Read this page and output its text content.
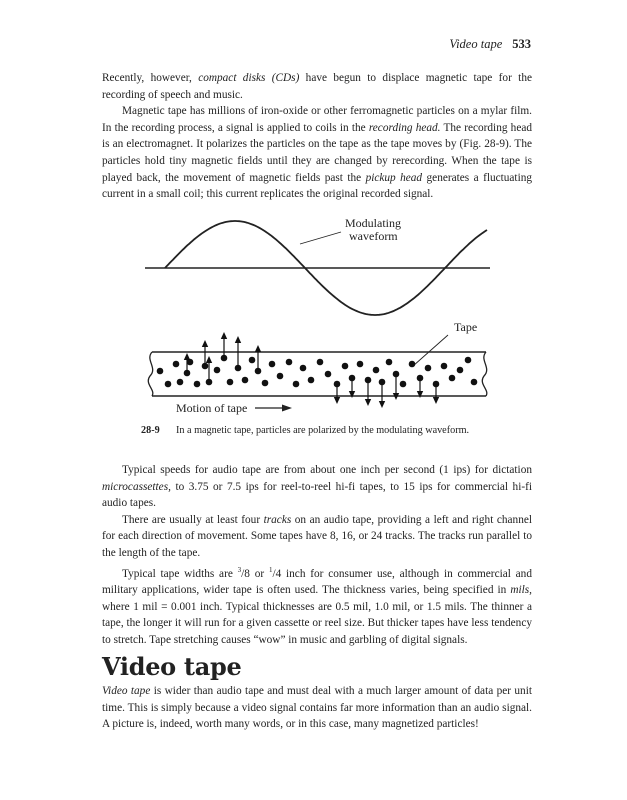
Video tape 533

Recently, however, compact disks (CDs) have begun to displace magnetic tape for the recording of speech and music.

Magnetic tape has millions of iron-oxide or other ferromagnetic particles on a mylar film. In the recording process, a signal is applied to coils in the recording head. The recording head is an electromagnet. It polarizes the particles on the tape as the tape moves by (Fig. 28-9). The particles hold tiny magnetic fields until they are changed by rerecording. When the tape is played back, the movement of magnetic fields past the pickup head generates a fluctuating current in a small coil; this current replicates the original recorded signal.

Modulating
waveform
Tape
Motion of tape
28-9 In a magnetic tape, particles are polarized by the modulating waveform.

Typical speeds for audio tape are from about one inch per second (1 ips) for dictation microcassettes, to 3.75 or 7.5 ips for reel-to-reel hi-fi tapes, to 15 ips for commercial hi-fi audio tapes.

There are usually at least four tracks on an audio tape, providing a left and right channel for each direction of movement. Some tapes have 8, 16, or 24 tracks. The tracks run parallel to the length of the tape.

Typical tape widths are $^3$/8 or $^1$/4 inch for consumer use, although in commercial and military applications, wider tape is often used. The thickness varies, being specified in mils, where 1 mil = 0.001 inch. Typical thicknesses are 0.5 mil, 1.0 mil, or 1.5 mils. The thinner a tape, the longer it will run for a given cassette or reel size. But thicker tapes have less tendency to stretch. Tape stretching causes “wow” in music and garbling of digital signals.

Video tape

Video tape is wider than audio tape and must deal with a much larger amount of data per unit time. This is simply because a video signal contains far more information than an audio signal. A picture is, indeed, worth many words, or in this case, many magnetized particles!
